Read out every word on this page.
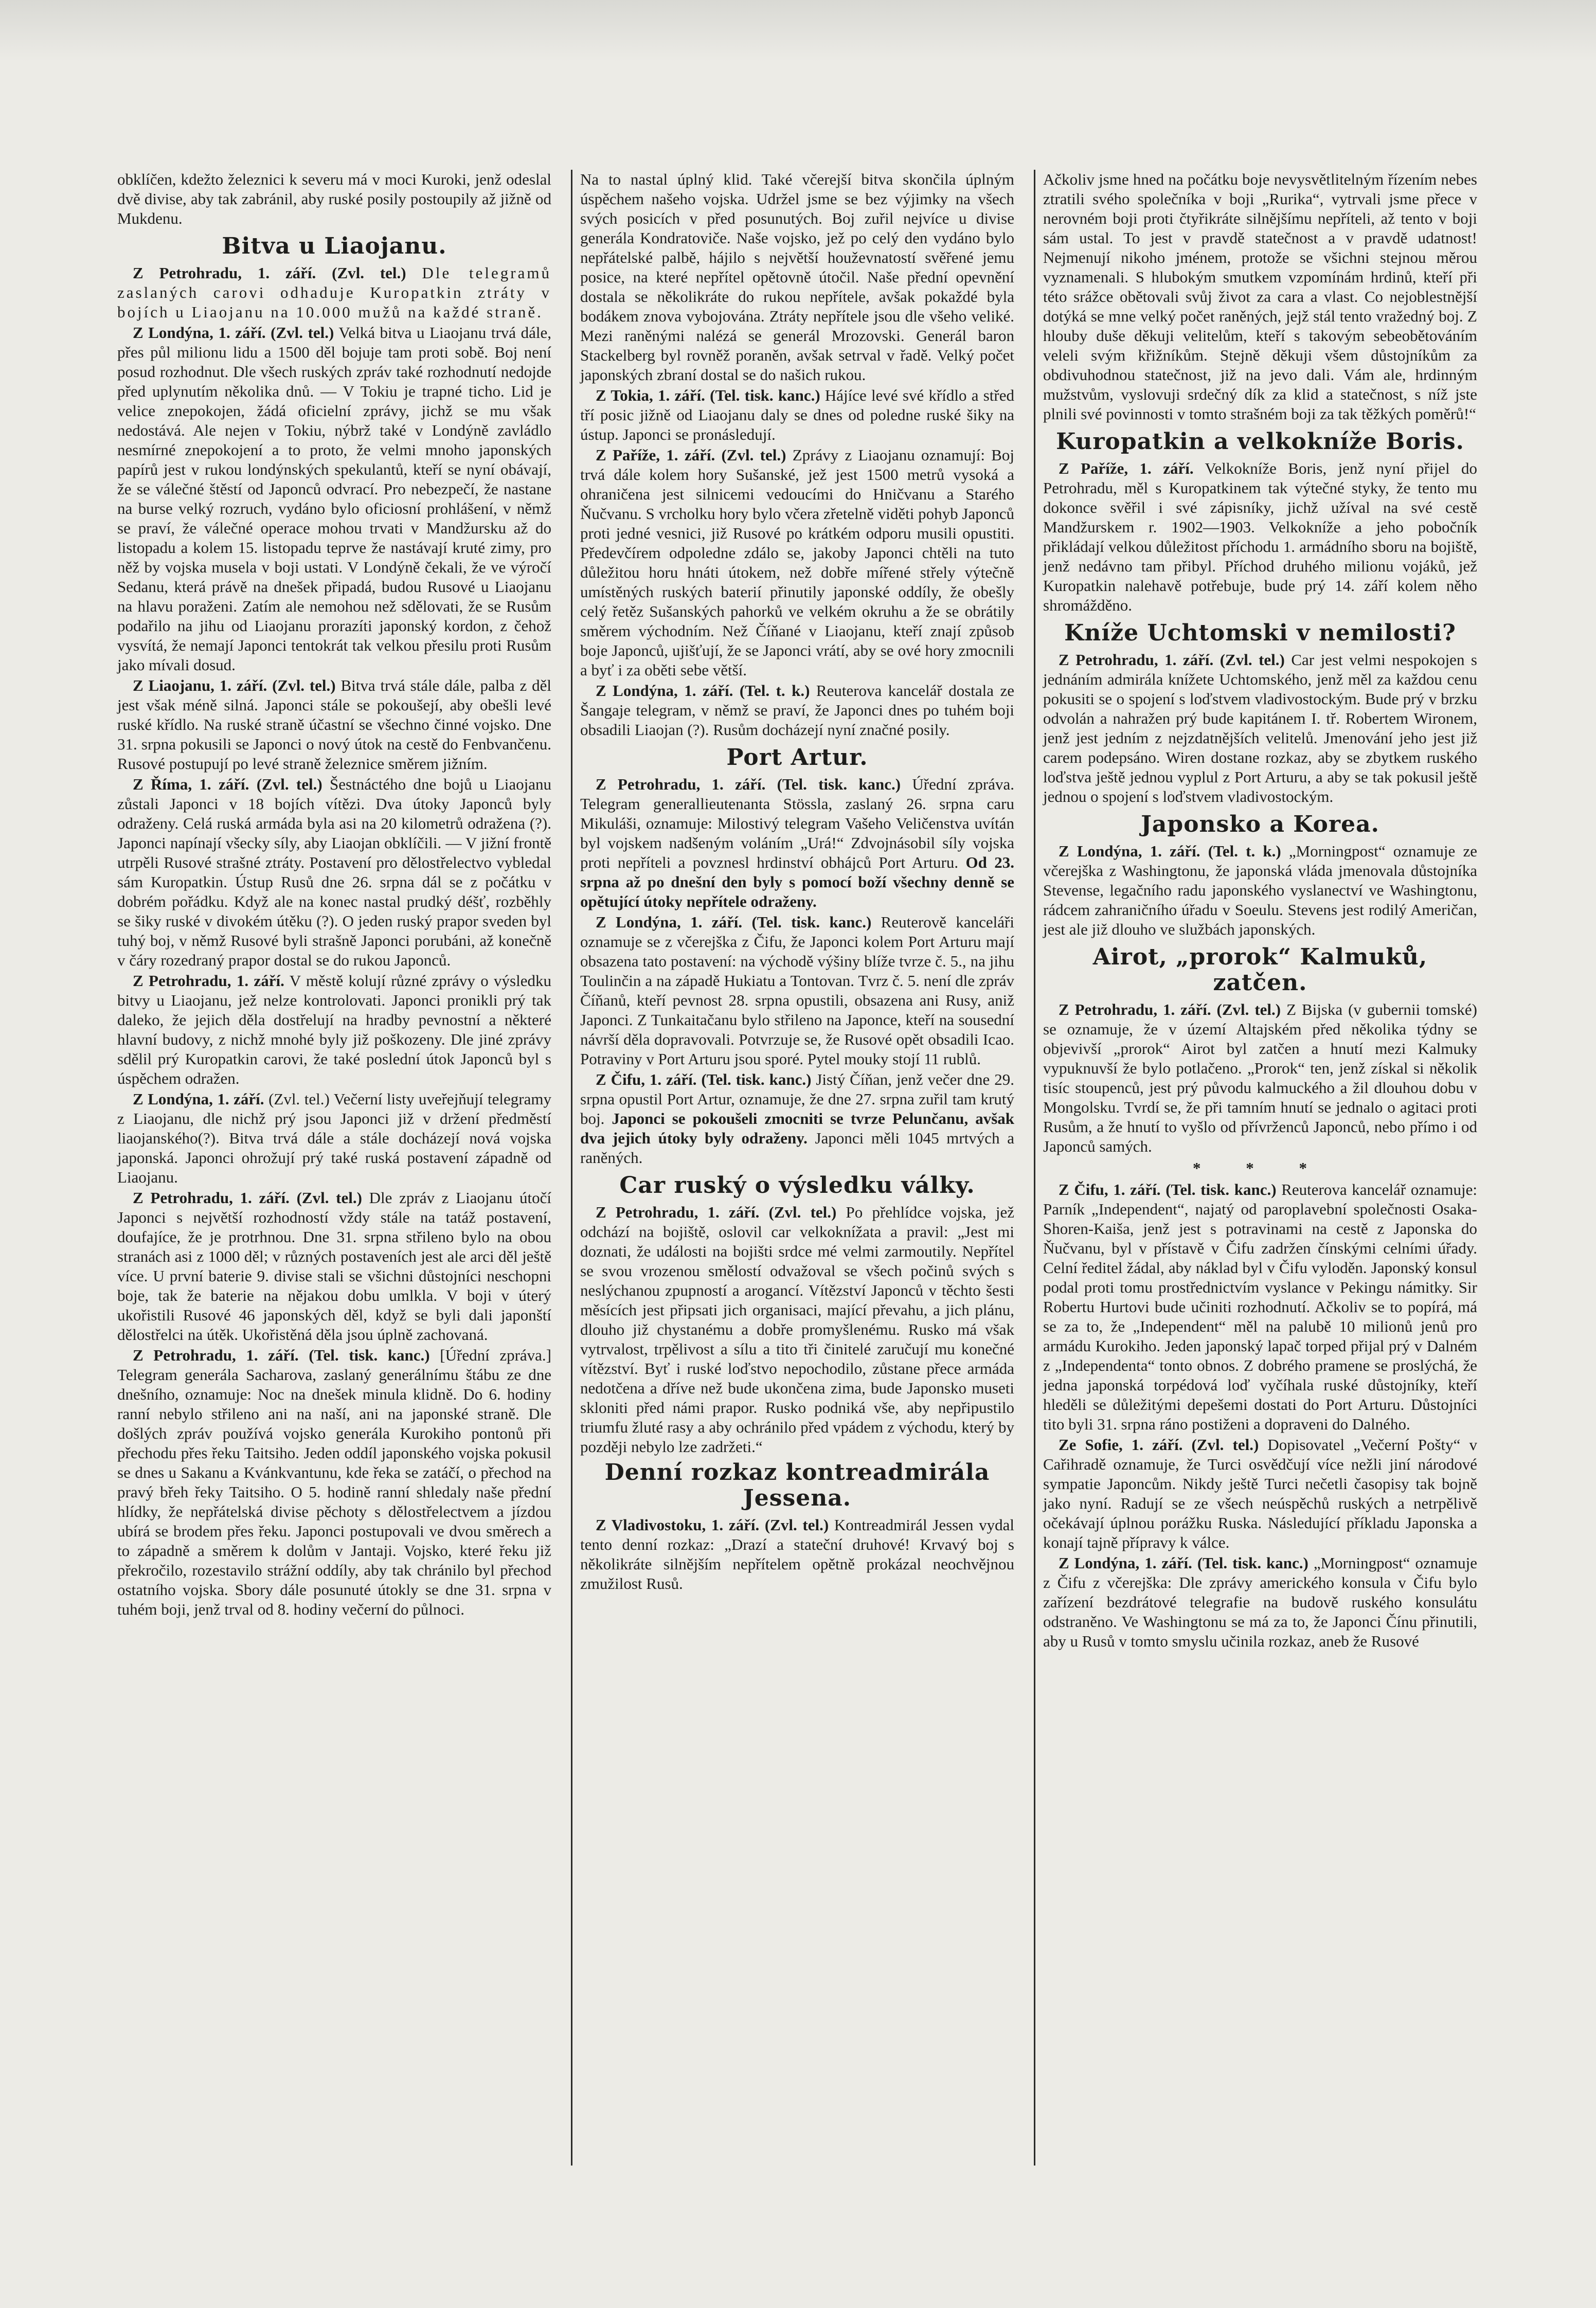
obklíčen, kdežto železnici k severu má v moci Kuroki, jenž odeslal dvě divise, aby tak zabránil, aby ruské posily postoupily až jižně od Mukdenu.

Bitva u Liaojanu.

Z Petrohradu, 1. září. (Zvl. tel.) Dle telegramů zaslaných carovi odhaduje Kuropatkin ztráty v bojích u Liaojanu na 10.000 mužů na každé straně.

Z Londýna, 1. září. (Zvl. tel.) Velká bitva u Liaojanu trvá dále, přes půl milionu lidu a 1500 děl bojuje tam proti sobě. Boj není posud rozhodnut. Dle všech ruských zpráv také rozhodnutí nedojde před uplynutím několika dnů. — V Tokiu je trapné ticho. Lid je velice znepokojen, žádá oficielní zprávy, jichž se mu však nedostává. Ale nejen v Tokiu, nýbrž také v Londýně zavládlo nesmírné znepokojení a to proto, že velmi mnoho japonských papírů jest v rukou londýnských spekulantů, kteří se nyní obávají, že se válečné štěstí od Japonců odvrací. Pro nebezpečí, že nastane na burse velký rozruch, vydáno bylo oficiosní prohlášení, v němž se praví, že válečné operace mohou trvati v Mandžursku až do listopadu a kolem 15. listopadu teprve že nastávají kruté zimy, pro něž by vojska musela v boji ustati. V Londýně čekali, že ve výročí Sedanu, která právě na dnešek připadá, budou Rusové u Liaojanu na hlavu poraženi. Zatím ale nemohou než sdělovati, že se Rusům podařilo na jihu od Liaojanu prorazíti japonský kordon, z čehož vysvítá, že nemají Japonci tentokrát tak velkou přesilu proti Rusům jako mívali dosud.

Z Liaojanu, 1. září. (Zvl. tel.) Bitva trvá stále dále, palba z děl jest však méně silná. Japonci stále se pokoušejí, aby obešli levé ruské křídlo. Na ruské straně účastní se všechno činné vojsko. Dne 31. srpna pokusili se Japonci o nový útok na cestě do Fenbvančenu. Rusové postupují po levé straně železnice směrem jižním.

Z Říma, 1. září. (Zvl. tel.) Šestnáctého dne bojů u Liaojanu zůstali Japonci v 18 bojích vítězi. Dva útoky Japonců byly odraženy. Celá ruská armáda byla asi na 20 kilometrů odražena (?). Japonci napínají všecky síly, aby Liaojan obklíčili. — V jižní frontě utrpěli Rusové strašné ztráty. Postavení pro dělostřelectvo vybledal sám Kuropatkin. Ústup Rusů dne 26. srpna dál se z počátku v dobrém pořádku. Když ale na konec nastal prudký déšť, rozběhly se šiky ruské v divokém útěku (?). O jeden ruský prapor sveden byl tuhý boj, v němž Rusové byli strašně Japonci porubáni, až konečně v čáry rozedraný prapor dostal se do rukou Japonců.

Z Petrohradu, 1. září. V městě kolují různé zprávy o výsledku bitvy u Liaojanu, jež nelze kontrolovati. Japonci pronikli prý tak daleko, že jejich děla dostřelují na hradby pevnostní a některé hlavní budovy, z nichž mnohé byly již poškozeny. Dle jiné zprávy sdělil prý Kuropatkin carovi, že také poslední útok Japonců byl s úspěchem odražen.

Z Londýna, 1. září. (Zvl. tel.) Večerní listy uveřejňují telegramy z Liaojanu, dle nichž prý jsou Japonci již v držení předměstí liaojanského(?). Bitva trvá dále a stále docházejí nová vojska japonská. Japonci ohrožují prý také ruská postavení západně od Liaojanu.

Z Petrohradu, 1. září. (Zvl. tel.) Dle zpráv z Liaojanu útočí Japonci s největší rozhodností vždy stále na tatáž postavení, doufajíce, že je protrhnou. Dne 31. srpna střileno bylo na obou stranách asi z 1000 děl; v různých postaveních jest ale arci děl ještě více. U první baterie 9. divise stali se všichni důstojníci neschopni boje, tak že baterie na nějakou dobu umlkla. V boji v úterý ukořistili Rusové 46 japonských děl, když se byli dali japonští dělostřelci na útěk. Ukořistěná děla jsou úplně zachovaná.

Z Petrohradu, 1. září. (Tel. tisk. kanc.) [Úřední zpráva.] Telegram generála Sacharova, zaslaný generálnímu štábu ze dne dnešního, oznamuje: Noc na dnešek minula klidně. Do 6. hodiny ranní nebylo střileno ani na naší, ani na japonské straně. Dle došlých zpráv používá vojsko generála Kurokiho pontonů při přechodu přes řeku Taitsiho. Jeden oddíl japonského vojska pokusil se dnes u Sakanu a Kvánkvantunu, kde řeka se zatáčí, o přechod na pravý břeh řeky Taitsiho. O 5. hodině ranní shledaly naše přední hlídky, že nepřátelská divise pěchoty s dělostřelectvem a jízdou ubírá se brodem přes řeku. Japonci postupovali ve dvou směrech a to západně a směrem k dolům v Jantaji. Vojsko, které řeku již překročilo, rozestavilo strážní oddíly, aby tak chránilo byl přechod ostatního vojska. Sbory dále posunuté útokly se dne 31. srpna v tuhém boji, jenž trval od 8. hodiny večerní do půlnoci.

Na to nastal úplný klid. Také včerejší bitva skončila úplným úspěchem našeho vojska. Udržel jsme se bez výjimky na všech svých posicích v před posunutých. Boj zuřil nejvíce u divise generála Kondratoviče. Naše vojsko, jež po celý den vydáno bylo nepřátelské palbě, hájilo s největší houževnatostí svěřené jemu posice, na které nepřítel opětovně útočil. Naše přední opevnění dostala se několikráte do rukou nepřítele, avšak pokaždé byla bodákem znova vybojována. Ztráty nepřítele jsou dle všeho veliké. Mezi raněnými nalézá se generál Mrozovski. Generál baron Stackelberg byl rovněž poraněn, avšak setrval v řadě. Velký počet japonských zbraní dostal se do našich rukou.

Z Tokia, 1. září. (Tel. tisk. kanc.) Hájíce levé své křídlo a střed tří posic jižně od Liaojanu daly se dnes od poledne ruské šiky na ústup. Japonci se pronásledují.

Z Paříže, 1. září. (Zvl. tel.) Zprávy z Liaojanu oznamují: Boj trvá dále kolem hory Sušanské, jež jest 1500 metrů vysoká a ohraničena jest silnicemi vedoucími do Hničvanu a Starého Ňučvanu. S vrcholku hory bylo včera zřetelně viděti pohyb Japonců proti jedné vesnici, již Rusové po krátkém odporu musili opustiti. Předevčírem odpoledne zdálo se, jakoby Japonci chtěli na tuto důležitou horu hnáti útokem, než dobře mířené střely výtečně umístěných ruských baterií přinutily japonské oddíly, že obešly celý řetěz Sušanských pahorků ve velkém okruhu a že se obrátily směrem východním. Než Číňané v Liaojanu, kteří znají způsob boje Japonců, ujišťují, že se Japonci vrátí, aby se ové hory zmocnili a byť i za oběti sebe větší.

Z Londýna, 1. září. (Tel. t. k.) Reuterova kancelář dostala ze Šangaje telegram, v němž se praví, že Japonci dnes po tuhém boji obsadili Liaojan (?). Rusům docházejí nyní značné posily.

Port Artur.

Z Petrohradu, 1. září. (Tel. tisk. kanc.) Úřední zpráva. Telegram generallieutenanta Stössla, zaslaný 26. srpna caru Mikuláši, oznamuje: Milostivý telegram Vašeho Veličenstva uvítán byl vojskem nadšeným voláním „Urá!“ Zdvojnásobil síly vojska proti nepříteli a povznesl hrdinství obhájců Port Arturu. Od 23. srpna až po dnešní den byly s pomocí boží všechny denně se opětující útoky nepřítele odraženy.

Z Londýna, 1. září. (Tel. tisk. kanc.) Reuterově kanceláři oznamuje se z včerejška z Čifu, že Japonci kolem Port Arturu mají obsazena tato postavení: na východě výšiny blíže tvrze č. 5., na jihu Toulinčin a na západě Hukiatu a Tontovan. Tvrz č. 5. není dle zpráv Číňanů, kteří pevnost 28. srpna opustili, obsazena ani Rusy, aniž Japonci. Z Tunkaitačanu bylo střileno na Japonce, kteří na sousední návrší děla dopravovali. Potvrzuje se, že Rusové opět obsadili Icao. Potraviny v Port Arturu jsou sporé. Pytel mouky stojí 11 rublů.

Z Čifu, 1. září. (Tel. tisk. kanc.) Jistý Číňan, jenž večer dne 29. srpna opustil Port Artur, oznamuje, že dne 27. srpna zuřil tam krutý boj. Japonci se pokoušeli zmocniti se tvrze Pelunčanu, avšak dva jejich útoky byly odraženy. Japonci měli 1045 mrtvých a raněných.

Car ruský o výsledku války.

Z Petrohradu, 1. září. (Zvl. tel.) Po přehlídce vojska, jež odchází na bojiště, oslovil car velkoknížata a pravil: „Jest mi doznati, že události na bojišti srdce mé velmi zarmoutily. Nepřítel se svou vrozenou smělostí odvažoval se všech počinů svých s neslýchanou zpupností a arogancí. Vítězství Japonců v těchto šesti měsících jest připsati jich organisaci, mající převahu, a jich plánu, dlouho již chystanému a dobře promyšlenému. Rusko má však vytrvalost, trpělivost a sílu a tito tři činitelé zaručují mu konečné vítězství. Byť i ruské loďstvo nepochodilo, zůstane přece armáda nedotčena a dříve než bude ukončena zima, bude Japonsko museti skloniti před námi prapor. Rusko podniká vše, aby nepřipustilo triumfu žluté rasy a aby ochránilo před vpádem z východu, který by později nebylo lze zadržeti.“

Denní rozkaz kontreadmirála Jessena.

Z Vladivostoku, 1. září. (Zvl. tel.) Kontreadmirál Jessen vydal tento denní rozkaz: „Drazí a stateční druhové! Krvavý boj s několikráte silnějším nepřítelem opětně prokázal neochvějnou zmužilost Rusů.

Ačkoliv jsme hned na počátku boje nevysvětlitelným řízením nebes ztratili svého společníka v boji „Rurika“, vytrvali jsme přece v nerovném boji proti čtyřikráte silnějšímu nepříteli, až tento v boji sám ustal. To jest v pravdě statečnost a v pravdě udatnost! Nejmenují nikoho jménem, protože se všichni stejnou měrou vyznamenali. S hlubokým smutkem vzpomínám hrdinů, kteří při této srážce obětovali svůj život za cara a vlast. Co nejoblestnější dotýká se mne velký počet raněných, jejž stál tento vražedný boj. Z hlouby duše děkuji velitelům, kteří s takovým sebeobětováním veleli svým křižníkům. Stejně děkuji všem důstojníkům za obdivuhodnou statečnost, již na jevo dali. Vám ale, hrdinným mužstvům, vyslovuji srdečný dík za klid a statečnost, s níž jste plnili své povinnosti v tomto strašném boji za tak těžkých poměrů!“

Kuropatkin a velkokníže Boris.

Z Paříže, 1. září. Velkokníže Boris, jenž nyní přijel do Petrohradu, měl s Kuropatkinem tak výtečné styky, že tento mu dokonce svěřil i své zápisníky, jichž užíval na své cestě Mandžurskem r. 1902—1903. Velkokníže a jeho pobočník přikládají velkou důležitost příchodu 1. armádního sboru na bojiště, jenž nedávno tam přibyl. Příchod druhého milionu vojáků, jež Kuropatkin nalehavě potřebuje, bude prý 14. září kolem něho shromážděno.

Kníže Uchtomski v nemilosti?

Z Petrohradu, 1. září. (Zvl. tel.) Car jest velmi nespokojen s jednáním admirála knížete Uchtomského, jenž měl za každou cenu pokusiti se o spojení s loďstvem vladivostockým. Bude prý v brzku odvolán a nahražen prý bude kapitánem I. tř. Robertem Wironem, jenž jest jedním z nejzdatnějších velitelů. Jmenování jeho jest již carem podepsáno. Wiren dostane rozkaz, aby se zbytkem ruského loďstva ještě jednou vyplul z Port Arturu, a aby se tak pokusil ještě jednou o spojení s loďstvem vladivostockým.

Japonsko a Korea.

Z Londýna, 1. září. (Tel. t. k.) „Morningpost“ oznamuje ze včerejška z Washingtonu, že japonská vláda jmenovala důstojníka Stevense, legačního radu japonského vyslanectví ve Washingtonu, rádcem zahraničního úřadu v Soeulu. Stevens jest rodilý Američan, jest ale již dlouho ve službách japonských.

Airot, „prorok“ Kalmuků, zatčen.

Z Petrohradu, 1. září. (Zvl. tel.) Z Bijska (v gubernii tomské) se oznamuje, že v území Altajském před několika týdny se objevivší „prorok“ Airot byl zatčen a hnutí mezi Kalmuky vypuknuvší že bylo potlačeno. „Prorok“ ten, jenž získal si několik tisíc stoupenců, jest prý původu kalmuckého a žil dlouhou dobu v Mongolsku. Tvrdí se, že při tamním hnutí se jednalo o agitaci proti Rusům, a že hnutí to vyšlo od přívrženců Japonců, nebo přímo i od Japonců samých.

* * *

Z Čifu, 1. září. (Tel. tisk. kanc.) Reuterova kancelář oznamuje: Parník „Independent“, najatý od paroplavební společnosti Osaka-Shoren-Kaiša, jenž jest s potravinami na cestě z Japonska do Ňučvanu, byl v přístavě v Čifu zadržen čínskými celními úřady. Celní ředitel žádal, aby náklad byl v Čifu vyloděn. Japonský konsul podal proti tomu prostřednictvím vyslance v Pekingu námitky. Sir Robertu Hurtovi bude učiniti rozhodnutí. Ačkoliv se to popírá, má se za to, že „Independent“ měl na palubě 10 milionů jenů pro armádu Kurokiho. Jeden japonský lapač torped přijal prý v Dalném z „Independenta“ tonto obnos. Z dobrého pramene se proslýchá, že jedna japonská torpédová loď vyčíhala ruské důstojníky, kteří hleděli se důležitými depešemi dostati do Port Arturu. Důstojníci tito byli 31. srpna ráno postiženi a dopraveni do Dalného.

Ze Sofie, 1. září. (Zvl. tel.) Dopisovatel „Večerní Pošty“ v Cařihradě oznamuje, že Turci osvědčují více nežli jiní národové sympatie Japoncům. Nikdy ještě Turci nečetli časopisy tak bojně jako nyní. Radují se ze všech neúspěchů ruských a netrpělivě očekávají úplnou porážku Ruska. Následující příkladu Japonska a konají tajně přípravy k válce.

Z Londýna, 1. září. (Tel. tisk. kanc.) „Morningpost“ oznamuje z Čifu z včerejška: Dle zprávy amerického konsula v Čifu bylo zařízení bezdrátové telegrafie na budově ruského konsulátu odstraněno. Ve Washingtonu se má za to, že Japonci Čínu přinutili, aby u Rusů v tomto smyslu učinila rozkaz, aneb že Rusové
